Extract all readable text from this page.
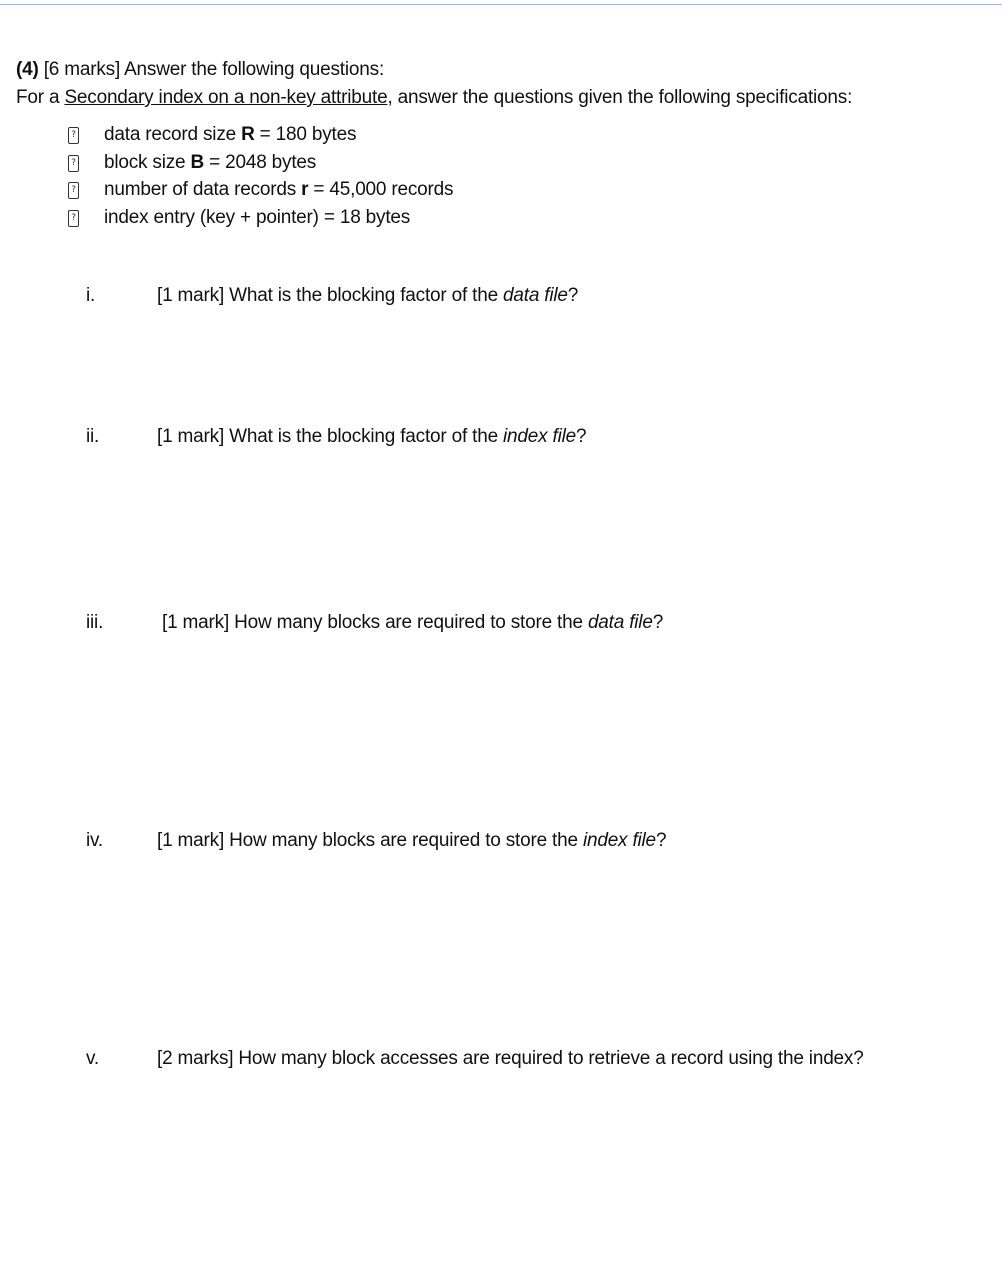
(4) [6 marks] Answer the following questions:
For a Secondary index on a non-key attribute, answer the questions given the following specifications:
? data record size R = 180 bytes
? block size B = 2048 bytes
? number of data records r = 45,000 records
? index entry (key + pointer) = 18 bytes
i.	[1 mark] What is the blocking factor of the data file?
ii.	[1 mark] What is the blocking factor of the index file?
iii.	[1 mark] How many blocks are required to store the data file?
iv.	[1 mark] How many blocks are required to store the index file?
v.	[2 marks] How many block accesses are required to retrieve a record using the index?
